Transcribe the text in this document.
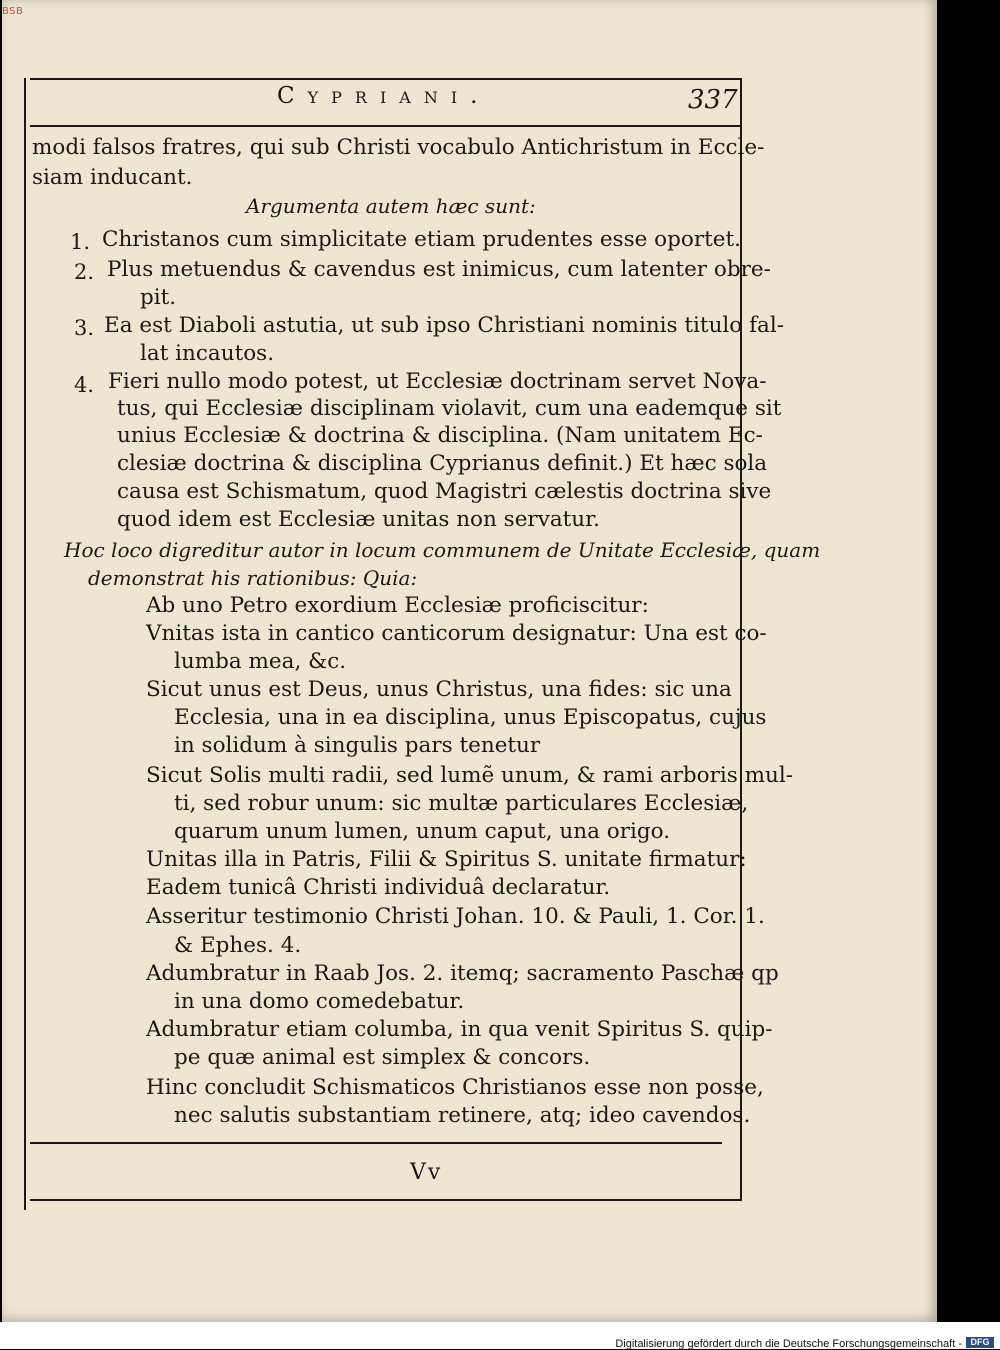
Cypriani.	337
1.
2.
3.
4.
modi falsos fratres, qui sub Christi vocabulo Antichristum in Eccle-
siam inducant.
Argumenta autem hæc sunt:
Christanos cum simplicitate etiam prudentes esse oportet.
Plus metuendus & cavendus est inimicus, cum latenter obre-
pit.
Ea est Diaboli astutia, ut sub ipso Christiani nominis titulo fal-
lat incautos.
Fieri nullo modo potest, ut Ecclesiæ doctrinam servet Nova-
tus, qui Ecclesiæ disciplinam violavit, cum una eademque sit
unius Ecclesiæ & doctrina & disciplina. (Nam unitatem Ec-
clesiæ doctrina & disciplina Cyprianus definit.) Et hæc sola
causa est Schismatum, quod Magistri cælestis doctrina sive
quod idem est Ecclesiæ unitas non servatur.
Hoc loco digreditur autor in locum communem de Unitate Ecclesiæ, quam
demonstrat his rationibus: Quia:
Ab uno Petro exordium Ecclesiæ proficiscitur:
Vnitas ista in cantico canticorum designatur: Una est co-
lumba mea, &c.
Sicut unus est Deus, unus Christus, una fides: sic una
Ecclesia, una in ea disciplina, unus Episcopatus, cujus
in solidum à singulis pars tenetur
Sicut Solis multi radii, sed lumẽ unum, & rami arboris mul-
ti, sed robur unum: sic multæ particulares Ecclesiæ,
quarum unum lumen, unum caput, una origo.
Unitas illa in Patris, Filii & Spiritus S. unitate firmatur:
Eadem tunicâ Christi individuâ declaratur.
Asseritur testimonio Christi Johan. 10. & Pauli, 1. Cor. 1.
& Ephes. 4.
Adumbratur in Raab Jos. 2. itemq; sacramento Paschæ qp
in una domo comedebatur.
Adumbratur etiam columba, in qua venit Spiritus S. quip-
pe quæ animal est simplex & concors.
Hinc concludit Schismaticos Christianos esse non posse,
nec salutis substantiam retinere, atq; ideo cavendos.
Vv
BSB
Digitalisierung gefördert durch die Deutsche Forschungsgemeinschaft - DFG
